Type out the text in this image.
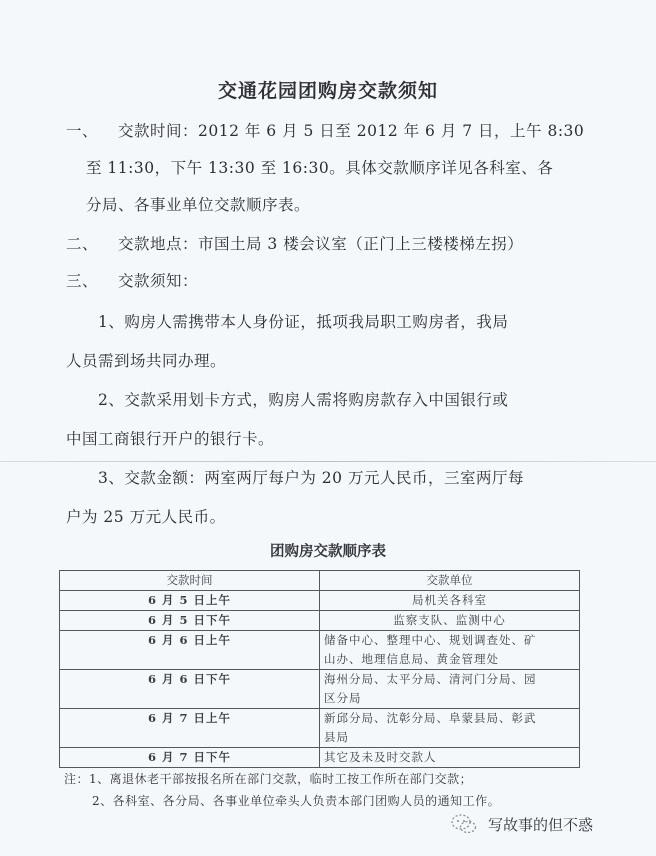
交通花园团购房交款须知
一、 交款时间：2012 年 6 月 5 日至 2012 年 6 月 7 日，上午 8:30
至 11:30，下午 13:30 至 16:30。具体交款顺序详见各科室、各
分局、各事业单位交款顺序表。
二、 交款地点：市国土局 3 楼会议室（正门上三楼楼梯左拐）
三、 交款须知：
1、购房人需携带本人身份证，抵项我局职工购房者，我局
人员需到场共同办理。
2、交款采用划卡方式，购房人需将购房款存入中国银行或
中国工商银行开户的银行卡。
3、交款金额：两室两厅每户为 20 万元人民币，三室两厅每
户为 25 万元人民币。
团购房交款顺序表
交款时间	交款单位
6 月 5 日上午	局机关各科室
6 月 5 日下午	监察支队、监测中心
6 月 6 日上午	储备中心、整理中心、规划调查处、矿
山办、地理信息局、黄金管理处

6 月 6 日下午	海州分局、太平分局、清河门分局、园
区分局

6 月 7 日上午	新邱分局、沈彰分局、阜蒙县局、彰武
县局

6 月 7 日下午	其它及未及时交款人
注：1、离退休老干部按报名所在部门交款，临时工按工作所在部门交款；
2、各科室、各分局、各事业单位牵头人负责本部门团购人员的通知工作。
写故事的但不惑
